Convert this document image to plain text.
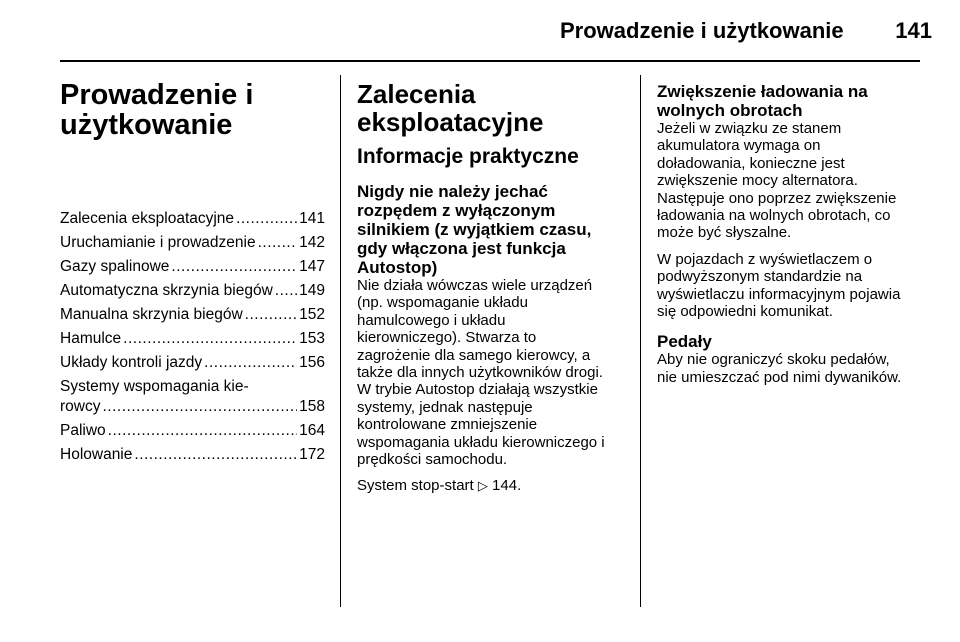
Prowadzenie i użytkowanie	141
Prowadzenie i
użytkowanie
Zalecenia eksploatacyjne .....	141
Uruchamianie i prowadzenie .....	142
Gazy spalinowe .....	147
Automatyczna skrzynia biegów ..... 149
Manualna skrzynia biegów .....	152
Hamulce .....	153
Układy kontroli jazdy .....	156
Systemy wspomagania kie-
rowcy .....	158
Paliwo .....	164
Holowanie .....	172
Zalecenia
eksploatacyjne
Informacje praktyczne
Nigdy nie należy jechać
rozpędem z wyłączonym
silnikiem (z wyjątkiem czasu,
gdy włączona jest funkcja
Autostop)
Nie działa wówczas wiele urządzeń
(np. wspomaganie układu
hamulcowego i układu
kierowniczego). Stwarza to
zagrożenie dla samego kierowcy, a
także dla innych użytkowników drogi.
W trybie Autostop działają wszystkie
systemy, jednak następuje
kontrolowane zmniejszenie
wspomagania układu kierowniczego i
prędkości samochodu.
System stop-start ▷ 144.
Zwiększenie ładowania na
wolnych obrotach
Jeżeli w związku ze stanem
akumulatora wymaga on
doładowania, konieczne jest
zwiększenie mocy alternatora.
Następuje ono poprzez zwiększenie
ładowania na wolnych obrotach, co
może być słyszalne.
W pojazdach z wyświetlaczem o
podwyższonym standardzie na
wyświetlaczu informacyjnym pojawia
się odpowiedni komunikat.
Pedały
Aby nie ograniczyć skoku pedałów,
nie umieszczać pod nimi dywaników.
